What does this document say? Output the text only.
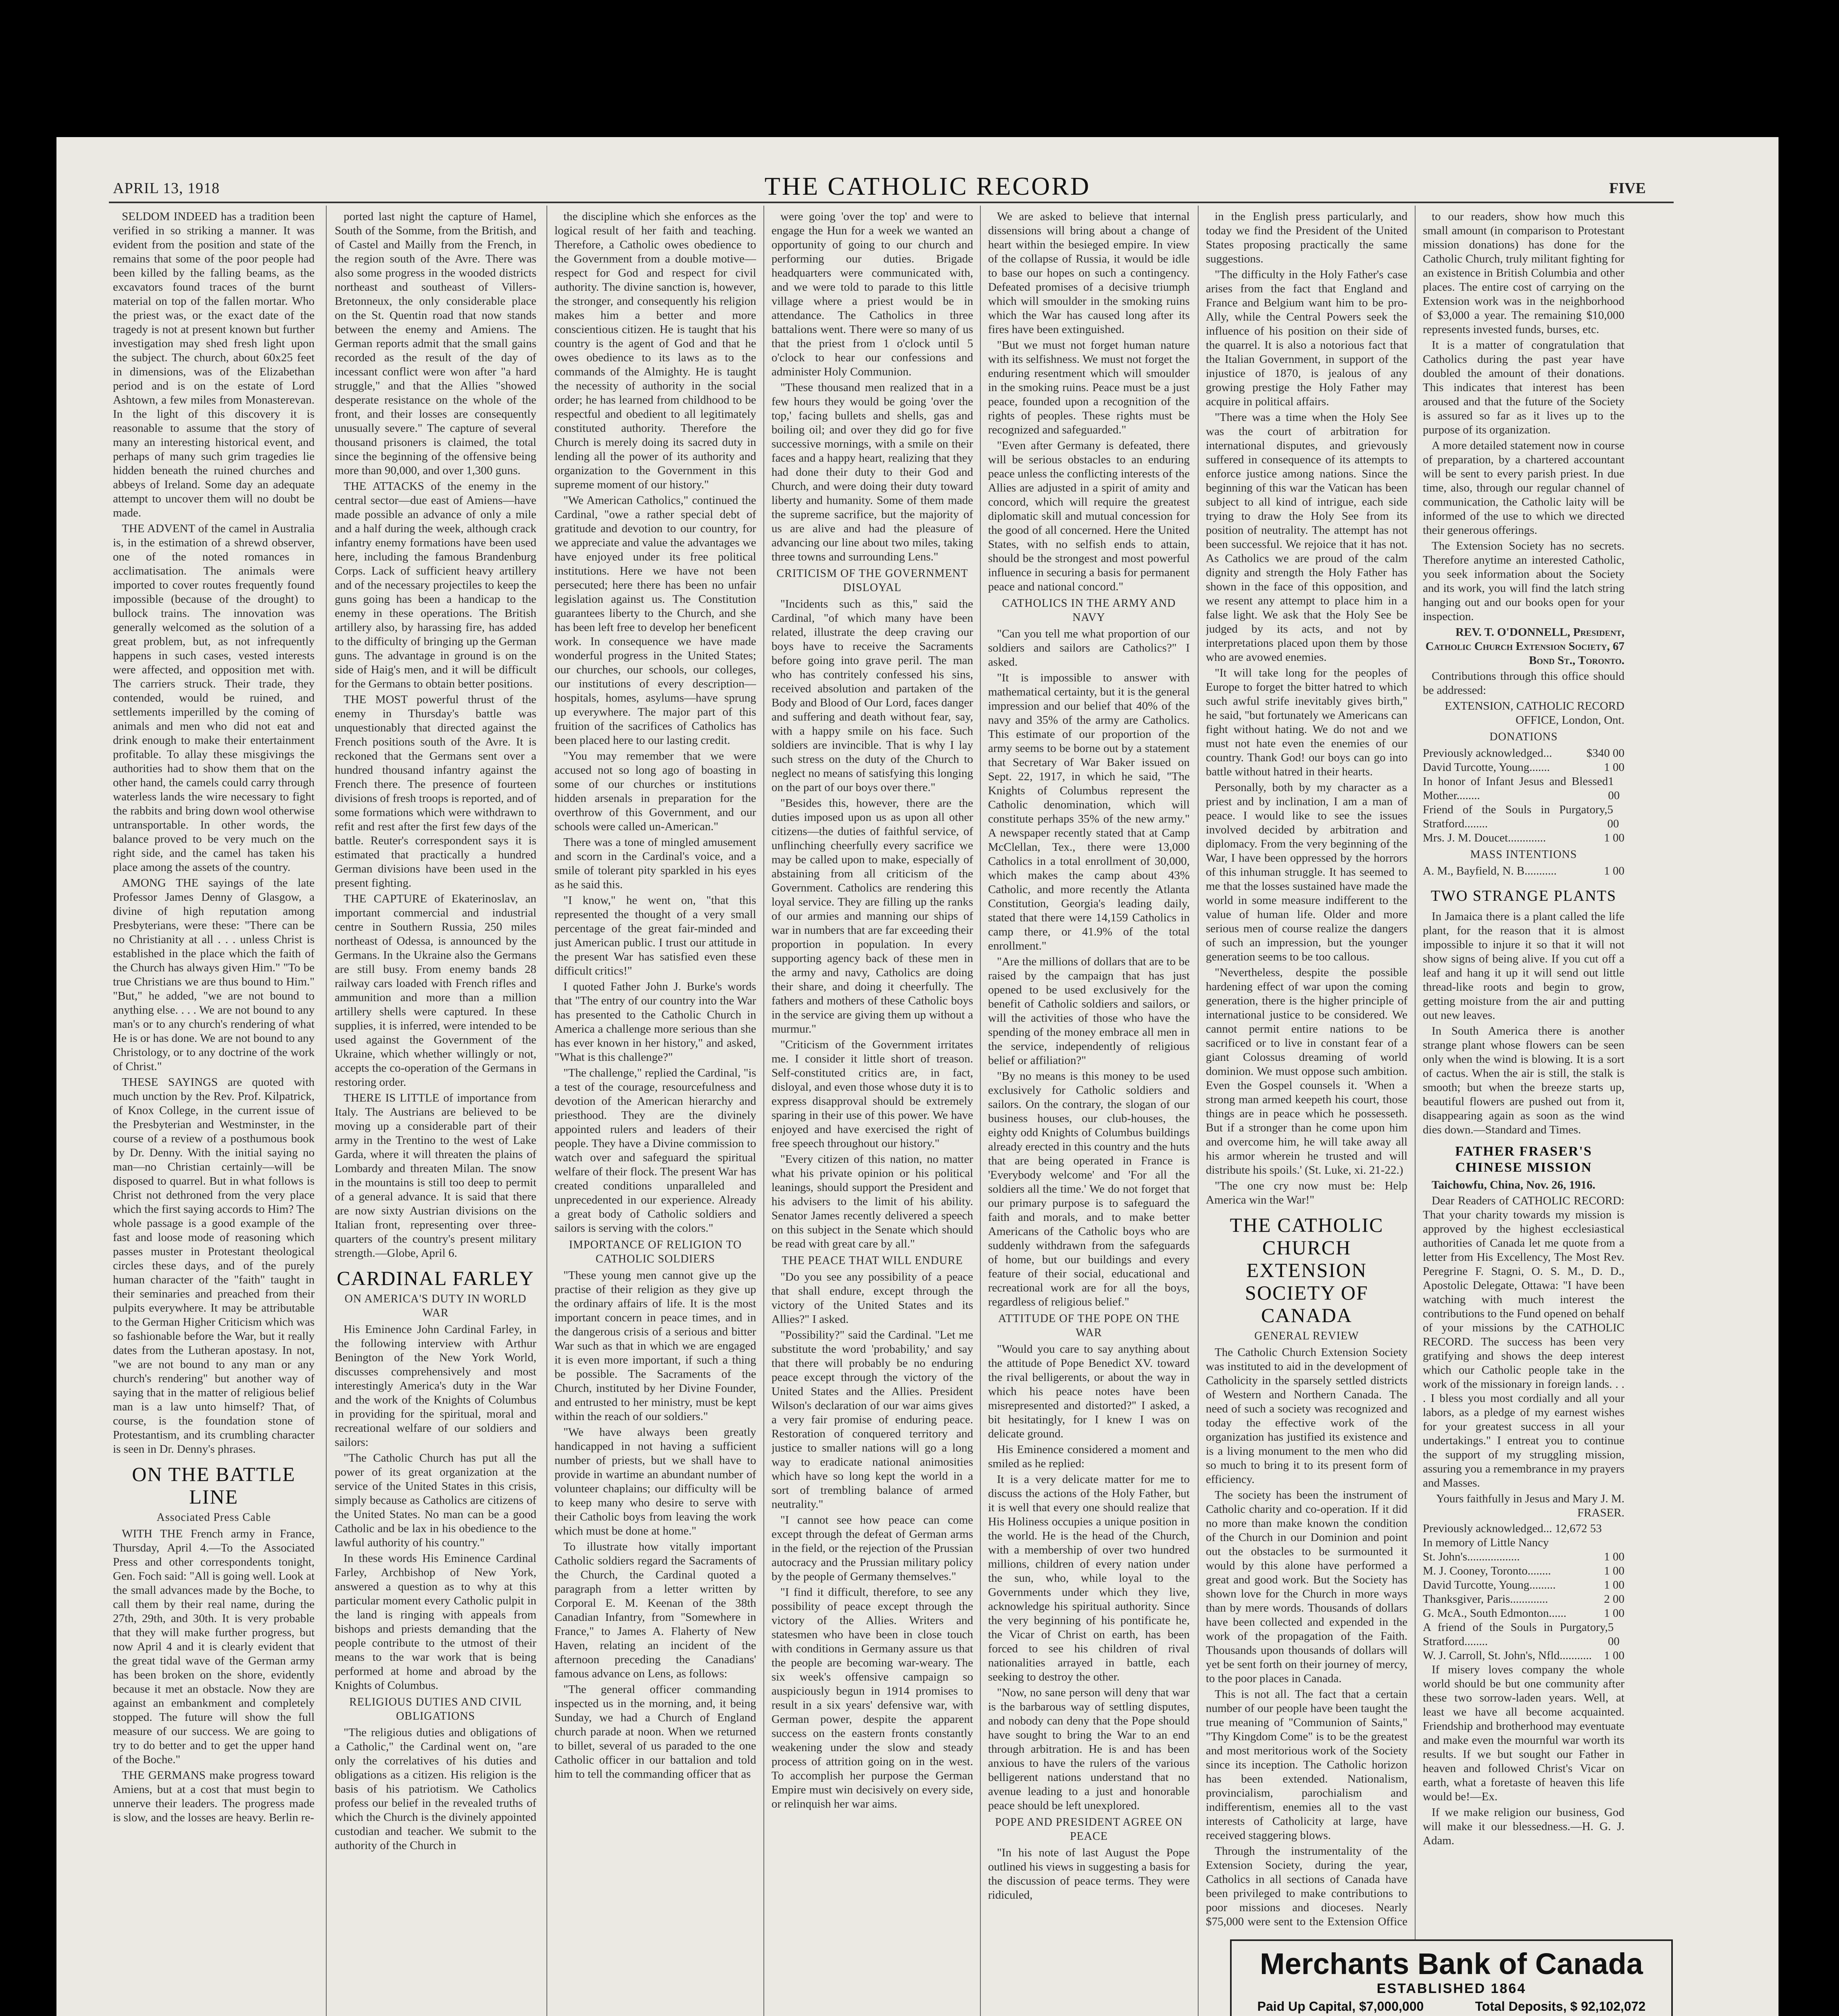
APRIL 13, 1918	THE CATHOLIC RECORD	FIVE

SELDOM INDEED has a tradition been verified in so striking a manner. It was evident from the position and state of the remains that some of the poor people had been killed by the falling beams, as the excavators found traces of the burnt material on top of the fallen mortar. Who the priest was, or the exact date of the tragedy is not at present known but further investigation may shed fresh light upon the subject. The church, about 60x25 feet in dimensions, was of the Elizabethan period and is on the estate of Lord Ashtown, a few miles from Monasterevan. In the light of this discovery it is reasonable to assume that the story of many an interesting historical event, and perhaps of many such grim tragedies lie hidden beneath the ruined churches and abbeys of Ireland. Some day an adequate attempt to uncover them will no doubt be made.

THE ADVENT of the camel in Australia is, in the estimation of a shrewd observer, one of the noted romances in acclimatisation. The animals were imported to cover routes frequently found impossible (because of the drought) to bullock trains. The innovation was generally welcomed as the solution of a great problem, but, as not infrequently happens in such cases, vested interests were affected, and opposition met with. The carriers struck. Their trade, they contended, would be ruined, and settlements imperilled by the coming of animals and men who did not eat and drink enough to make their entertainment profitable. To allay these misgivings the authorities had to show them that on the other hand, the camels could carry through waterless lands the wire necessary to fight the rabbits and bring down wool otherwise untransportable. In other words, the balance proved to be very much on the right side, and the camel has taken his place among the assets of the country.

AMONG THE sayings of the late Professor James Denny of Glasgow, a divine of high reputation among Presbyterians, were these: "There can be no Christianity at all . . . unless Christ is established in the place which the faith of the Church has always given Him." "To be true Christians we are thus bound to Him." "But," he added, "we are not bound to anything else. . . . We are not bound to any man's or to any church's rendering of what He is or has done. We are not bound to any Christology, or to any doctrine of the work of Christ."

THESE SAYINGS are quoted with much unction by the Rev. Prof. Kilpatrick, of Knox College, in the current issue of the Presbyterian and Westminster, in the course of a review of a posthumous book by Dr. Denny. With the initial saying no man—no Christian certainly—will be disposed to quarrel. But in what follows is Christ not dethroned from the very place which the first saying accords to Him? The whole passage is a good example of the fast and loose mode of reasoning which passes muster in Protestant theological circles these days, and of the purely human character of the "faith" taught in their seminaries and preached from their pulpits everywhere. It may be attributable to the German Higher Criticism which was so fashionable before the War, but it really dates from the Lutheran apostasy. In not, "we are not bound to any man or any church's rendering" but another way of saying that in the matter of religious belief man is a law unto himself? That, of course, is the foundation stone of Protestantism, and its crumbling character is seen in Dr. Denny's phrases.

ON THE BATTLE LINE
Associated Press Cable

WITH THE French army in France, Thursday, April 4.—To the Associated Press and other correspondents tonight, Gen. Foch said: "All is going well. Look at the small advances made by the Boche, to call them by their real name, during the 27th, 29th, and 30th. It is very probable that they will make further progress, but now April 4 and it is clearly evident that the great tidal wave of the German army has been broken on the shore, evidently because it met an obstacle. Now they are against an embankment and completely stopped. The future will show the full measure of our success. We are going to try to do better and to get the upper hand of the Boche."

THE GERMANS make progress toward Amiens, but at a cost that must begin to unnerve their leaders. The progress made is slow, and the losses are heavy. Berlin re-

ported last night the capture of Hamel, South of the Somme, from the British, and of Castel and Mailly from the French, in the region south of the Avre. There was also some progress in the wooded districts northeast and southeast of Villers-Bretonneux, the only considerable place on the St. Quentin road that now stands between the enemy and Amiens. The German reports admit that the small gains recorded as the result of the day of incessant conflict were won after "a hard struggle," and that the Allies "showed desperate resistance on the whole of the front, and their losses are consequently unusually severe." The capture of several thousand prisoners is claimed, the total since the beginning of the offensive being more than 90,000, and over 1,300 guns.

THE ATTACKS of the enemy in the central sector—due east of Amiens—have made possible an advance of only a mile and a half during the week, although crack infantry enemy formations have been used here, including the famous Brandenburg Corps. Lack of sufficient heavy artillery and of the necessary projectiles to keep the guns going has been a handicap to the enemy in these operations. The British artillery also, by harassing fire, has added to the difficulty of bringing up the German guns. The advantage in ground is on the side of Haig's men, and it will be difficult for the Germans to obtain better positions.

THE MOST powerful thrust of the enemy in Thursday's battle was unquestionably that directed against the French positions south of the Avre. It is reckoned that the Germans sent over a hundred thousand infantry against the French there. The presence of fourteen divisions of fresh troops is reported, and of some formations which were withdrawn to refit and rest after the first few days of the battle. Reuter's correspondent says it is estimated that practically a hundred German divisions have been used in the present fighting.

THE CAPTURE of Ekaterinoslav, an important commercial and industrial centre in Southern Russia, 250 miles northeast of Odessa, is announced by the Germans. In the Ukraine also the Germans are still busy. From enemy bands 28 railway cars loaded with French rifles and ammunition and more than a million artillery shells were captured. In these supplies, it is inferred, were intended to be used against the Government of the Ukraine, which whether willingly or not, accepts the co-operation of the Germans in restoring order.

THERE IS LITTLE of importance from Italy. The Austrians are believed to be moving up a considerable part of their army in the Trentino to the west of Lake Garda, where it will threaten the plains of Lombardy and threaten Milan. The snow in the mountains is still too deep to permit of a general advance. It is said that there are now sixty Austrian divisions on the Italian front, representing over three-quarters of the country's present military strength.—Globe, April 6.

CARDINAL FARLEY
ON AMERICA'S DUTY IN WORLD WAR

His Eminence John Cardinal Farley, in the following interview with Arthur Benington of the New York World, discusses comprehensively and most interestingly America's duty in the War and the work of the Knights of Columbus in providing for the spiritual, moral and recreational welfare of our soldiers and sailors:

"The Catholic Church has put all the power of its great organization at the service of the United States in this crisis, simply because as Catholics are citizens of the United States. No man can be a good Catholic and be lax in his obedience to the lawful authority of his country."

In these words His Eminence Cardinal Farley, Archbishop of New York, answered a question as to why at this particular moment every Catholic pulpit in the land is ringing with appeals from bishops and priests demanding that the people contribute to the utmost of their means to the war work that is being performed at home and abroad by the Knights of Columbus.

RELIGIOUS DUTIES AND CIVIL OBLIGATIONS

"The religious duties and obligations of a Catholic," the Cardinal went on, "are only the correlatives of his duties and obligations as a citizen. His religion is the basis of his patriotism. We Catholics profess our belief in the revealed truths of which the Church is the divinely appointed custodian and teacher. We submit to the authority of the Church in

the discipline which she enforces as the logical result of her faith and teaching. Therefore, a Catholic owes obedience to the Government from a double motive—respect for God and respect for civil authority. The divine sanction is, however, the stronger, and consequently his religion makes him a better and more conscientious citizen. He is taught that his country is the agent of God and that he owes obedience to its laws as to the commands of the Almighty. He is taught the necessity of authority in the social order; he has learned from childhood to be respectful and obedient to all legitimately constituted authority. Therefore the Church is merely doing its sacred duty in lending all the power of its authority and organization to the Government in this supreme moment of our history."

"We American Catholics," continued the Cardinal, "owe a rather special debt of gratitude and devotion to our country, for we appreciate and value the advantages we have enjoyed under its free political institutions. Here we have not been persecuted; here there has been no unfair legislation against us. The Constitution guarantees liberty to the Church, and she has been left free to develop her beneficent work. In consequence we have made wonderful progress in the United States; our churches, our schools, our colleges, our institutions of every description—hospitals, homes, asylums—have sprung up everywhere. The major part of this fruition of the sacrifices of Catholics has been placed here to our lasting credit.

"You may remember that we were accused not so long ago of boasting in some of our churches or institutions hidden arsenals in preparation for the overthrow of this Government, and our schools were called un-American."

There was a tone of mingled amusement and scorn in the Cardinal's voice, and a smile of tolerant pity sparkled in his eyes as he said this.

"I know," he went on, "that this represented the thought of a very small percentage of the great fair-minded and just American public. I trust our attitude in the present War has satisfied even these difficult critics!"

I quoted Father John J. Burke's words that "The entry of our country into the War has presented to the Catholic Church in America a challenge more serious than she has ever known in her history," and asked, "What is this challenge?"

"The challenge," replied the Cardinal, "is a test of the courage, resourcefulness and devotion of the American hierarchy and priesthood. They are the divinely appointed rulers and leaders of their people. They have a Divine commission to watch over and safeguard the spiritual welfare of their flock. The present War has created conditions unparalleled and unprecedented in our experience. Already a great body of Catholic soldiers and sailors is serving with the colors."

IMPORTANCE OF RELIGION TO CATHOLIC SOLDIERS

"These young men cannot give up the practise of their religion as they give up the ordinary affairs of life. It is the most important concern in peace times, and in the dangerous crisis of a serious and bitter War such as that in which we are engaged it is even more important, if such a thing be possible. The Sacraments of the Church, instituted by her Divine Founder, and entrusted to her ministry, must be kept within the reach of our soldiers."

"We have always been greatly handicapped in not having a sufficient number of priests, but we shall have to provide in wartime an abundant number of volunteer chaplains; our difficulty will be to keep many who desire to serve with their Catholic boys from leaving the work which must be done at home."

To illustrate how vitally important Catholic soldiers regard the Sacraments of the Church, the Cardinal quoted a paragraph from a letter written by Corporal E. M. Keenan of the 38th Canadian Infantry, from "Somewhere in France," to James A. Flaherty of New Haven, relating an incident of the afternoon preceding the Canadians' famous advance on Lens, as follows:

"The general officer commanding inspected us in the morning, and, it being Sunday, we had a Church of England church parade at noon. When we returned to billet, several of us paraded to the one Catholic officer in our battalion and told him to tell the commanding officer that as

were going 'over the top' and were to engage the Hun for a week we wanted an opportunity of going to our church and performing our duties. Brigade headquarters were communicated with, and we were told to parade to this little village where a priest would be in attendance. The Catholics in three battalions went. There were so many of us that the priest from 1 o'clock until 5 o'clock to hear our confessions and administer Holy Communion.

"These thousand men realized that in a few hours they would be going 'over the top,' facing bullets and shells, gas and boiling oil; and over they did go for five successive mornings, with a smile on their faces and a happy heart, realizing that they had done their duty to their God and Church, and were doing their duty toward liberty and humanity. Some of them made the supreme sacrifice, but the majority of us are alive and had the pleasure of advancing our line about two miles, taking three towns and surrounding Lens."

CRITICISM OF THE GOVERNMENT DISLOYAL

"Incidents such as this," said the Cardinal, "of which many have been related, illustrate the deep craving our boys have to receive the Sacraments before going into grave peril. The man who has contritely confessed his sins, received absolution and partaken of the Body and Blood of Our Lord, faces danger and suffering and death without fear, say, with a happy smile on his face. Such soldiers are invincible. That is why I lay such stress on the duty of the Church to neglect no means of satisfying this longing on the part of our boys over there."

"Besides this, however, there are the duties imposed upon us as upon all other citizens—the duties of faithful service, of unflinching cheerfully every sacrifice we may be called upon to make, especially of abstaining from all criticism of the Government. Catholics are rendering this loyal service. They are filling up the ranks of our armies and manning our ships of war in numbers that are far exceeding their proportion in population. In every supporting agency back of these men in the army and navy, Catholics are doing their share, and doing it cheerfully. The fathers and mothers of these Catholic boys in the service are giving them up without a murmur."

"Criticism of the Government irritates me. I consider it little short of treason. Self-constituted critics are, in fact, disloyal, and even those whose duty it is to express disapproval should be extremely sparing in their use of this power. We have enjoyed and have exercised the right of free speech throughout our history."

"Every citizen of this nation, no matter what his private opinion or his political leanings, should support the President and his advisers to the limit of his ability. Senator James recently delivered a speech on this subject in the Senate which should be read with great care by all."

THE PEACE THAT WILL ENDURE

"Do you see any possibility of a peace that shall endure, except through the victory of the United States and its Allies?" I asked.

"Possibility?" said the Cardinal. "Let me substitute the word 'probability,' and say that there will probably be no enduring peace except through the victory of the United States and the Allies. President Wilson's declaration of our war aims gives a very fair promise of enduring peace. Restoration of conquered territory and justice to smaller nations will go a long way to eradicate national animosities which have so long kept the world in a sort of trembling balance of armed neutrality."

"I cannot see how peace can come except through the defeat of German arms in the field, or the rejection of the Prussian autocracy and the Prussian military policy by the people of Germany themselves."

"I find it difficult, therefore, to see any possibility of peace except through the victory of the Allies. Writers and statesmen who have been in close touch with conditions in Germany assure us that the people are becoming war-weary. The six week's offensive campaign so auspiciously begun in 1914 promises to result in a six years' defensive war, with German power, despite the apparent success on the eastern fronts constantly weakening under the slow and steady process of attrition going on in the west. To accomplish her purpose the German Empire must win decisively on every side, or relinquish her war aims.

We are asked to believe that internal dissensions will bring about a change of heart within the besieged empire. In view of the collapse of Russia, it would be idle to base our hopes on such a contingency. Defeated promises of a decisive triumph which will smoulder in the smoking ruins which the War has caused long after its fires have been extinguished.

"But we must not forget human nature with its selfishness. We must not forget the enduring resentment which will smoulder in the smoking ruins. Peace must be a just peace, founded upon a recognition of the rights of peoples. These rights must be recognized and safeguarded."

"Even after Germany is defeated, there will be serious obstacles to an enduring peace unless the conflicting interests of the Allies are adjusted in a spirit of amity and concord, which will require the greatest diplomatic skill and mutual concession for the good of all concerned. Here the United States, with no selfish ends to attain, should be the strongest and most powerful influence in securing a basis for permanent peace and national concord."

CATHOLICS IN THE ARMY AND NAVY

"Can you tell me what proportion of our soldiers and sailors are Catholics?" I asked.

"It is impossible to answer with mathematical certainty, but it is the general impression and our belief that 40% of the navy and 35% of the army are Catholics. This estimate of our proportion of the army seems to be borne out by a statement that Secretary of War Baker issued on Sept. 22, 1917, in which he said, "The Knights of Columbus represent the Catholic denomination, which will constitute perhaps 35% of the new army." A newspaper recently stated that at Camp McClellan, Tex., there were 13,000 Catholics in a total enrollment of 30,000, which makes the camp about 43% Catholic, and more recently the Atlanta Constitution, Georgia's leading daily, stated that there were 14,159 Catholics in camp there, or 41.9% of the total enrollment."

"Are the millions of dollars that are to be raised by the campaign that has just opened to be used exclusively for the benefit of Catholic soldiers and sailors, or will the activities of those who have the spending of the money embrace all men in the service, independently of religious belief or affiliation?"

"By no means is this money to be used exclusively for Catholic soldiers and sailors. On the contrary, the slogan of our business houses, our club-houses, the eighty odd Knights of Columbus buildings already erected in this country and the huts that are being operated in France is 'Everybody welcome' and 'For all the soldiers all the time.' We do not forget that our primary purpose is to safeguard the faith and morals, and to make better Americans of the Catholic boys who are suddenly withdrawn from the safeguards of home, but our buildings and every feature of their social, educational and recreational work are for all the boys, regardless of religious belief."

ATTITUDE OF THE POPE ON THE WAR

"Would you care to say anything about the attitude of Pope Benedict XV. toward the rival belligerents, or about the way in which his peace notes have been misrepresented and distorted?" I asked, a bit hesitatingly, for I knew I was on delicate ground.

His Eminence considered a moment and smiled as he replied:

It is a very delicate matter for me to discuss the actions of the Holy Father, but it is well that every one should realize that His Holiness occupies a unique position in the world. He is the head of the Church, with a membership of over two hundred millions, children of every nation under the sun, who, while loyal to the Governments under which they live, acknowledge his spiritual authority. Since the very beginning of his pontificate he, the Vicar of Christ on earth, has been forced to see his children of rival nationalities arrayed in battle, each seeking to destroy the other.

"Now, no sane person will deny that war is the barbarous way of settling disputes, and nobody can deny that the Pope should have sought to bring the War to an end through arbitration. He is and has been anxious to have the rulers of the various belligerent nations understand that no avenue leading to a just and honorable peace should be left unexplored.

POPE AND PRESIDENT AGREE ON PEACE

"In his note of last August the Pope outlined his views in suggesting a basis for the discussion of peace terms. They were ridiculed,

in the English press particularly, and today we find the President of the United States proposing practically the same suggestions.

"The difficulty in the Holy Father's case arises from the fact that England and France and Belgium want him to be pro-Ally, while the Central Powers seek the influence of his position on their side of the quarrel. It is also a notorious fact that the Italian Government, in support of the injustice of 1870, is jealous of any growing prestige the Holy Father may acquire in political affairs.

"There was a time when the Holy See was the court of arbitration for international disputes, and grievously suffered in consequence of its attempts to enforce justice among nations. Since the beginning of this war the Vatican has been subject to all kind of intrigue, each side trying to draw the Holy See from its position of neutrality. The attempt has not been successful. We rejoice that it has not. As Catholics we are proud of the calm dignity and strength the Holy Father has shown in the face of this opposition, and we resent any attempt to place him in a false light. We ask that the Holy See be judged by its acts, and not by interpretations placed upon them by those who are avowed enemies.

"It will take long for the peoples of Europe to forget the bitter hatred to which such awful strife inevitably gives birth," he said, "but fortunately we Americans can fight without hating. We do not and we must not hate even the enemies of our country. Thank God! our boys can go into battle without hatred in their hearts.

Personally, both by my character as a priest and by inclination, I am a man of peace. I would like to see the issues involved decided by arbitration and diplomacy. From the very beginning of the War, I have been oppressed by the horrors of this inhuman struggle. It has seemed to me that the losses sustained have made the world in some measure indifferent to the value of human life. Older and more serious men of course realize the dangers of such an impression, but the younger generation seems to be too callous.

"Nevertheless, despite the possible hardening effect of war upon the coming generation, there is the higher principle of international justice to be considered. We cannot permit entire nations to be sacrificed or to live in constant fear of a giant Colossus dreaming of world dominion. We must oppose such ambition. Even the Gospel counsels it. 'When a strong man armed keepeth his court, those things are in peace which he possesseth. But if a stronger than he come upon him and overcome him, he will take away all his armor wherein he trusted and will distribute his spoils.' (St. Luke, xi. 21-22.)

"The one cry now must be: Help America win the War!"

THE CATHOLIC CHURCH EXTENSION SOCIETY OF CANADA
GENERAL REVIEW

The Catholic Church Extension Society was instituted to aid in the development of Catholicity in the sparsely settled districts of Western and Northern Canada. The need of such a society was recognized and today the effective work of the organization has justified its existence and is a living monument to the men who did so much to bring it to its present form of efficiency.

The society has been the instrument of Catholic charity and co-operation. If it did no more than make known the condition of the Church in our Dominion and point out the obstacles to be surmounted it would by this alone have performed a great and good work. But the Society has shown love for the Church in more ways than by mere words. Thousands of dollars have been collected and expended in the work of the propagation of the Faith. Thousands upon thousands of dollars will yet be sent forth on their journey of mercy, to the poor places in Canada.

This is not all. The fact that a certain number of our people have been taught the true meaning of "Communion of Saints," "Thy Kingdom Come" is to be the greatest and most meritorious work of the Society since its inception. The Catholic horizon has been extended. Nationalism, provincialism, parochialism and indifferentism, enemies all to the vast interests of Catholicity at large, have received staggering blows.

Through the instrumentality of the Extension Society, during the year, Catholics in all sections of Canada have been privileged to make contributions to poor missions and dioceses. Nearly $75,000 were sent to the Extension Office

to our readers, show how much this small amount (in comparison to Protestant mission donations) has done for the Catholic Church, truly militant fighting for an existence in British Columbia and other places. The entire cost of carrying on the Extension work was in the neighborhood of $3,000 a year. The remaining $10,000 represents invested funds, burses, etc.

It is a matter of congratulation that Catholics during the past year have doubled the amount of their donations. This indicates that interest has been aroused and that the future of the Society is assured so far as it lives up to the purpose of its organization.

A more detailed statement now in course of preparation, by a chartered accountant will be sent to every parish priest. In due time, also, through our regular channel of communication, the Catholic laity will be informed of the use to which we directed their generous offerings.

The Extension Society has no secrets. Therefore anytime an interested Catholic, you seek information about the Society and its work, you will find the latch string hanging out and our books open for your inspection.

REV. T. O'DONNELL, President, Catholic Church Extension Society, 67 Bond St., Toronto.

Contributions through this office should be addressed:

EXTENSION, CATHOLIC RECORD OFFICE, London, Ont.

DONATIONS
Previously acknowledged...	$340 00
David Turcotte, Young.......	1 00
In honor of Infant Jesus and Blessed Mother........
1 00
Friend of the Souls in Purgatory, Stratford........
5 00
Mrs. J. M. Doucet.............	1 00
MASS INTENTIONS
A. M., Bayfield, N. B...........	1 00
TWO STRANGE PLANTS

In Jamaica there is a plant called the life plant, for the reason that it is almost impossible to injure it so that it will not show signs of being alive. If you cut off a leaf and hang it up it will send out little thread-like roots and begin to grow, getting moisture from the air and putting out new leaves.

In South America there is another strange plant whose flowers can be seen only when the wind is blowing. It is a sort of cactus. When the air is still, the stalk is smooth; but when the breeze starts up, beautiful flowers are pushed out from it, disappearing again as soon as the wind dies down.—Standard and Times.

FATHER FRASER'S CHINESE MISSION

Taichowfu, China, Nov. 26, 1916.

Dear Readers of CATHOLIC RECORD: That your charity towards my mission is approved by the highest ecclesiastical authorities of Canada let me quote from a letter from His Excellency, The Most Rev. Peregrine F. Stagni, O. S. M., D. D., Apostolic Delegate, Ottawa: "I have been watching with much interest the contributions to the Fund opened on behalf of your missions by the CATHOLIC RECORD. The success has been very gratifying and shows the deep interest which our Catholic people take in the work of the missionary in foreign lands. . . . I bless you most cordially and all your labors, as a pledge of my earnest wishes for your greatest success in all your undertakings." I entreat you to continue the support of my struggling mission, assuring you a remembrance in my prayers and Masses.

Yours faithfully in Jesus and Mary J. M. FRASER.

Previously acknowledged... 12,672 53
In memory of Little Nancy
St. John's..................	1 00
M. J. Cooney, Toronto........	1 00
David Turcotte, Young.........	1 00
Thanksgiver, Paris.............	2 00
G. McA., South Edmonton......	1 00
A friend of the Souls in Purgatory, Stratford........
5 00
W. J. Carroll, St. John's, Nfld........... 1 00

If misery loves company the whole world should be but one community after these two sorrow-laden years. Well, at least we have all become acquainted. Friendship and brotherhood may eventuate and make even the mournful war worth its results. If we but sought our Father in heaven and followed Christ's Vicar on earth, what a foretaste of heaven this life would be!—Ex.

If we make religion our business, God will make it our blessedness.—H. G. J. Adam.

Merchants Bank of Canada
ESTABLISHED 1864
Paid Up Capital, $7,000,000	Total Deposits, $ 92,102,072
